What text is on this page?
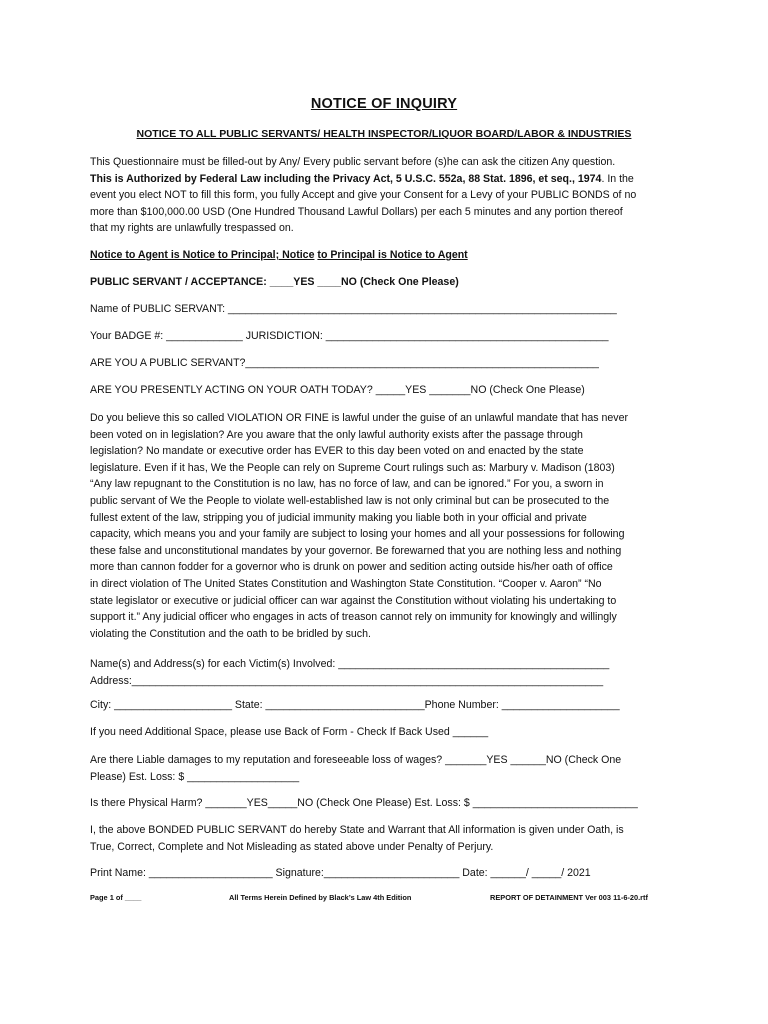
NOTICE OF INQUIRY
NOTICE TO ALL PUBLIC SERVANTS/ HEALTH INSPECTOR/LIQUOR BOARD/LABOR & INDUSTRIES
This Questionnaire must be filled-out by Any/ Every public servant before (s)he can ask the citizen Any question.
This is Authorized by Federal Law including the Privacy Act, 5 U.S.C. 552a, 88 Stat. 1896, et seq., 1974. In the
event you elect NOT to fill this form, you fully Accept and give your Consent for a Levy of your PUBLIC BONDS of no
more than $100,000.00 USD (One Hundred Thousand Lawful Dollars) per each 5 minutes and any portion thereof
that my rights are unlawfully trespassed on.
Notice to Agent is Notice to Principal; Notice to Principal is Notice to Agent
PUBLIC SERVANT / ACCEPTANCE: ____YES ____NO (Check One Please)
Name of PUBLIC SERVANT: __________________________________________________________________
Your BADGE #: _____________ JURISDICTION: ________________________________________________
ARE YOU A PUBLIC SERVANT?____________________________________________________________
ARE YOU PRESENTLY ACTING ON YOUR OATH TODAY? _____YES _______NO (Check One Please)
Do you believe this so called VIOLATION OR FINE is lawful under the guise of an unlawful mandate that has never
been voted on in legislation? Are you aware that the only lawful authority exists after the passage through
legislation? No mandate or executive order has EVER to this day been voted on and enacted by the state
legislature. Even if it has, We the People can rely on Supreme Court rulings such as: Marbury v. Madison (1803)
“Any law repugnant to the Constitution is no law, has no force of law, and can be ignored.” For you, a sworn in
public servant of We the People to violate well-established law is not only criminal but can be prosecuted to the
fullest extent of the law, stripping you of judicial immunity making you liable both in your official and private
capacity, which means you and your family are subject to losing your homes and all your possessions for following
these false and unconstitutional mandates by your governor. Be forewarned that you are nothing less and nothing
more than cannon fodder for a governor who is drunk on power and sedition acting outside his/her oath of office
in direct violation of The United States Constitution and Washington State Constitution. “Cooper v. Aaron” “No
state legislator or executive or judicial officer can war against the Constitution without violating his undertaking to
support it.” Any judicial officer who engages in acts of treason cannot rely on immunity for knowingly and willingly
violating the Constitution and the oath to be bridled by such.
Name(s) and Address(s) for each Victim(s) Involved: ______________________________________________
Address:________________________________________________________________________________
City: ____________________ State: ___________________________Phone Number: ____________________
If you need Additional Space, please use Back of Form - Check If Back Used ______
Are there Liable damages to my reputation and foreseeable loss of wages? _______YES ______NO (Check One
Please) Est. Loss: $ ___________________
Is there Physical Harm? _______YES_____NO (Check One Please) Est. Loss: $ ____________________________
I, the above BONDED PUBLIC SERVANT do hereby State and Warrant that All information is given under Oath, is
True, Correct, Complete and Not Misleading as stated above under Penalty of Perjury.
Print Name: _____________________ Signature:_______________________ Date: ______/ _____/ 2021
Page 1 of ____	All Terms Herein Defined by Black’s Law 4th Edition	REPORT OF DETAINMENT Ver 003 11-6-20.rtf
